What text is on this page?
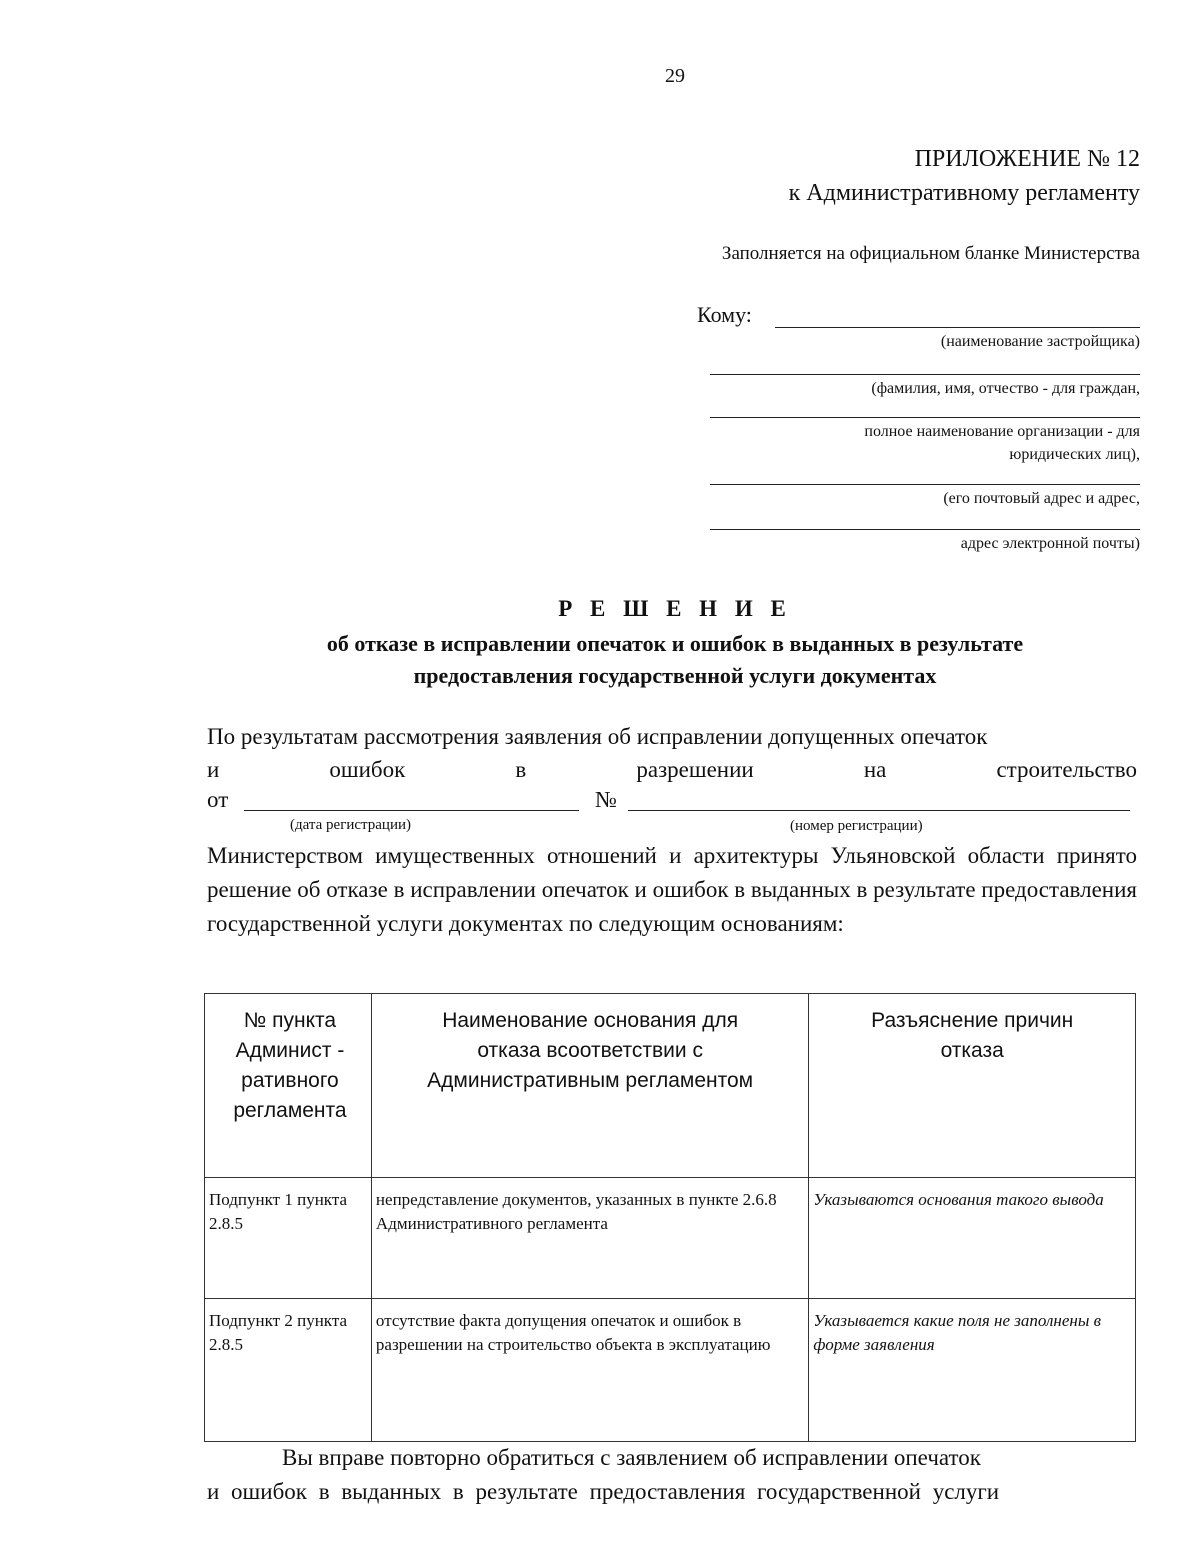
29
ПРИЛОЖЕНИЕ № 12
к Административному регламенту
Заполняется на официальном бланке Министерства
Кому:
(наименование застройщика)
(фамилия, имя, отчество - для граждан,
полное наименование организации - для
юридических лиц),
(его почтовый адрес и адрес,
адрес электронной почты)
Р Е Ш Е Н И Е
об отказе в исправлении опечаток и ошибок в выданных в результате
предоставления государственной услуги документах
По результатам рассмотрения заявления об исправлении допущенных опечаток
и	ошибок	в	разрешении	на	строительство
от	№
(дата регистрации)	(номер регистрации)
Министерством имущественных отношений и архитектуры Ульяновской области принято решение об отказе в исправлении опечаток и ошибок в выданных в результате предоставления государственной услуги документах по следующим основаниям:
№ пункта Админист - ративного регламента	Наименование основания для отказа всоответствии с Административным регламентом	Разъяснение причин отказа
Подпункт 1 пункта 2.8.5	непредставление документов, указанных в пункте 2.6.8 Административного регламента	Указываются основания такого вывода
Подпункт 2 пункта 2.8.5	отсутствие факта допущения опечаток и ошибок в разрешении на строительство объекта в эксплуатацию	Указывается какие поля не заполнены в форме заявления
Вы вправе повторно обратиться с заявлением об исправлении опечаток
и ошибок в выданных в результате предоставления государственной услуги
